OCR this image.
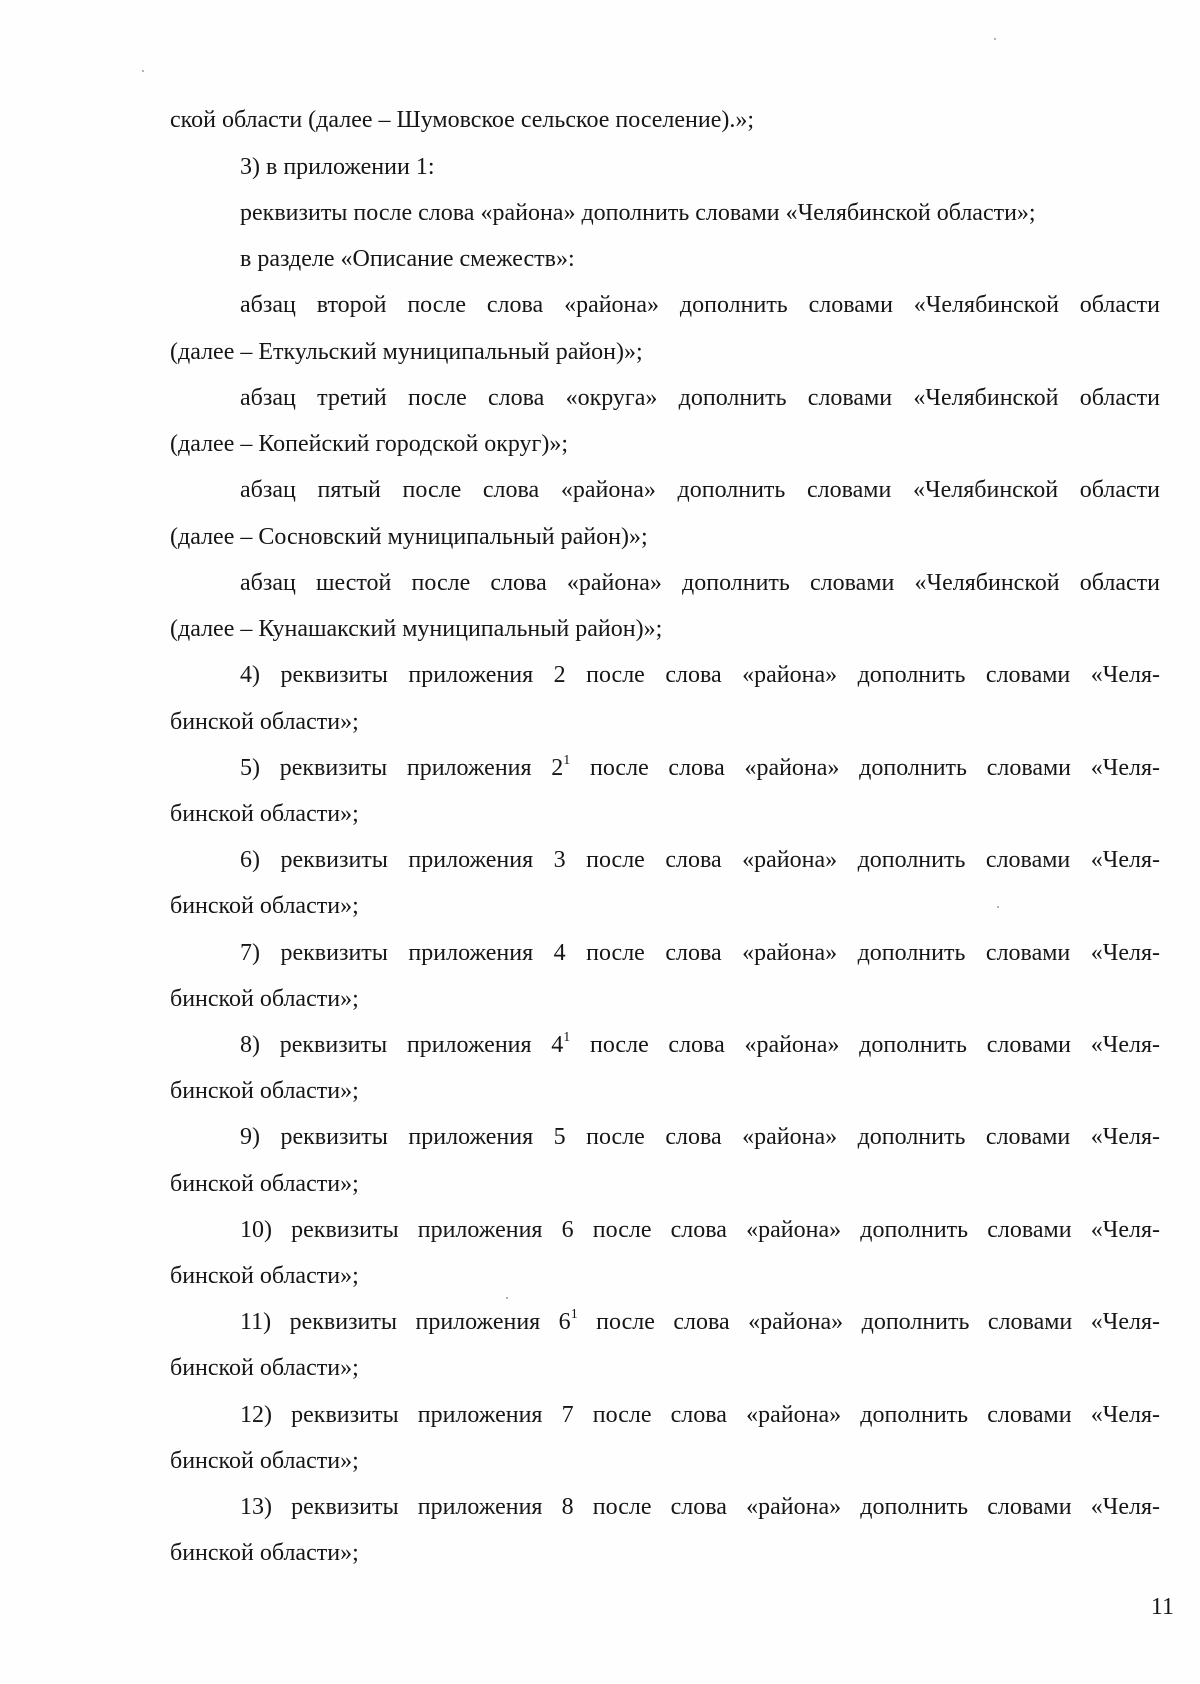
ской области (далее – Шумовское сельское поселение).»;
3) в приложении 1:
реквизиты после слова «района» дополнить словами «Челябинской области»;
в разделе «Описание смежеств»:
абзац второй после слова «района» дополнить словами «Челябинской области
(далее – Еткульский муниципальный район)»;
абзац третий после слова «округа» дополнить словами «Челябинской области
(далее – Копейский городской округ)»;
абзац пятый после слова «района» дополнить словами «Челябинской области
(далее – Сосновский муниципальный район)»;
абзац шестой после слова «района» дополнить словами «Челябинской области
(далее – Кунашакский муниципальный район)»;
4) реквизиты приложения 2 после слова «района» дополнить словами «Челя-
бинской области»;
5) реквизиты приложения $2^1$ после слова «района» дополнить словами «Челя-
бинской области»;
6) реквизиты приложения 3 после слова «района» дополнить словами «Челя-
бинской области»;
7) реквизиты приложения 4 после слова «района» дополнить словами «Челя-
бинской области»;
8) реквизиты приложения $4^1$ после слова «района» дополнить словами «Челя-
бинской области»;
9) реквизиты приложения 5 после слова «района» дополнить словами «Челя-
бинской области»;
10) реквизиты приложения 6 после слова «района» дополнить словами «Челя-
бинской области»;
11) реквизиты приложения $6^1$ после слова «района» дополнить словами «Челя-
бинской области»;
12) реквизиты приложения 7 после слова «района» дополнить словами «Челя-
бинской области»;
13) реквизиты приложения 8 после слова «района» дополнить словами «Челя-
бинской области»;
11
